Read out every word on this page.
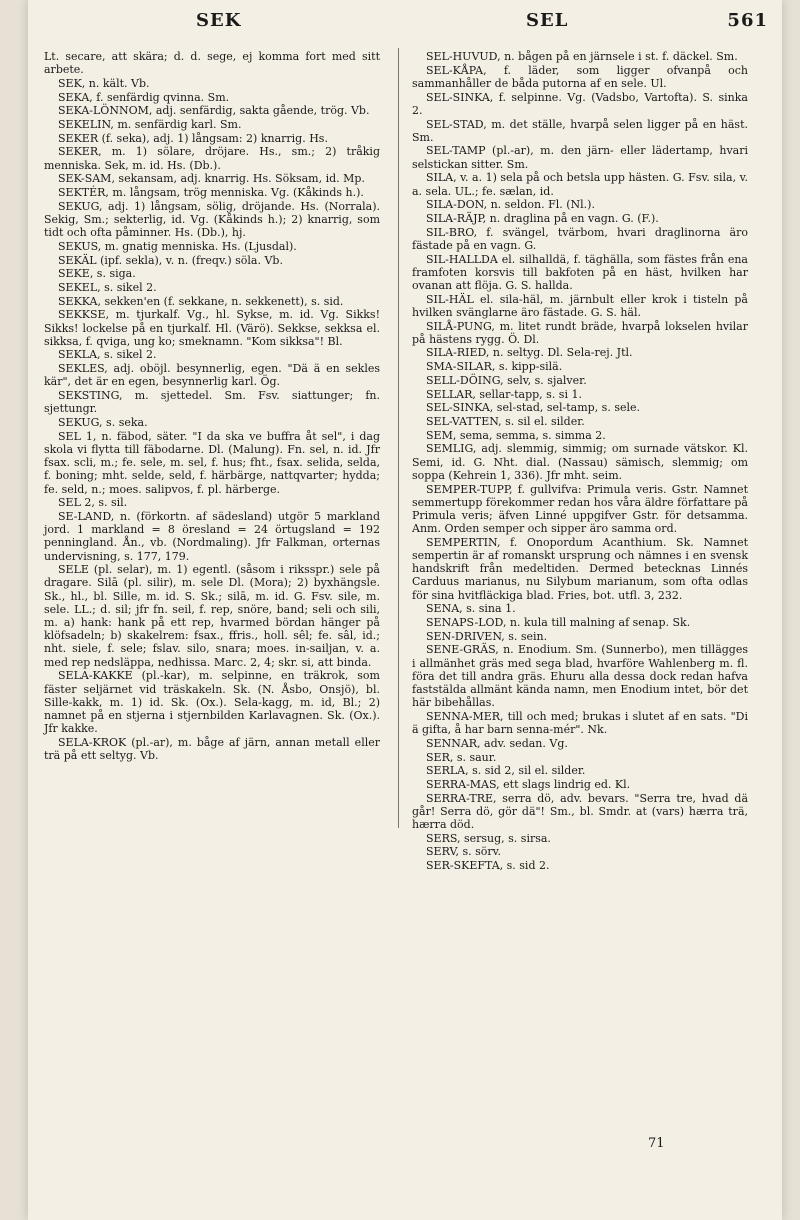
SEK	SEL	561

Lt. secare, att skära; d. d. sege, ej komma fort med sitt arbete.

SEK, n. kält. Vb.

SEKA, f. senfärdig qvinna. Sm.

SEKA-LÖNNOM, adj. senfärdig, sakta gående, trög. Vb.

SEKELIN, m. senfärdig karl. Sm.

SEKER (f. seka), adj. 1) långsam: 2) knarrig. Hs.

SEKER, m. 1) sölare, dröjare. Hs., sm.; 2) tråkig menniska. Sek, m. id. Hs. (Db.).

SEK-SAM, sekansam, adj. knarrig. Hs. Söksam, id. Mp.

SEKTÉR, m. långsam, trög menniska. Vg. (Kåkinds h.).

SEKUG, adj. 1) långsam, sölig, dröjande. Hs. (Norrala). Sekig, Sm.; sekterlig, id. Vg. (Kåkinds h.); 2) knarrig, som tidt och ofta påminner. Hs. (Db.), hj.

SEKUS, m. gnatig menniska. Hs. (Ljusdal).

SEKÄL (ipf. sekla), v. n. (freqv.) söla. Vb.

SEKE, s. siga.

SEKEL, s. sikel 2.

SEKKA, sekken'en (f. sekkane, n. sekkenett), s. sid.

SEKKSE, m. tjurkalf. Vg., hl. Sykse, m. id. Vg. Sikks! Sikks! lockelse på en tjurkalf. Hl. (Värö). Sekkse, sekksa el. sikksa, f. qviga, ung ko; smeknamn. "Kom sikksa"! Bl.

SEKLA, s. sikel 2.

SEKLES, adj. oböjl. besynnerlig, egen. "Dä ä en sekles kär", det är en egen, besynnerlig karl. Ög.

SEKSTING, m. sjettedel. Sm. Fsv. siattunger; fn. sjettungr.

SEKUG, s. seka.

SEL 1, n. fäbod, säter. "I da ska ve buffra åt sel", i dag skola vi flytta till fäbodarne. Dl. (Malung). Fn. sel, n. id. Jfr fsax. scli, m.; fe. sele, m. sel, f. hus; fht., fsax. selida, selda, f. boning; mht. selde, seld, f. härbärge, nattqvarter; hydda; fe. seld, n.; moes. salipvos, f. pl. härberge.

SEL 2, s. sil.

SE-LAND, n. (förkortn. af sädesland) utgör 5 markland jord. 1 markland = 8 öresland = 24 örtugsland = 192 penningland. Ån., vb. (Nordmaling). Jfr Falkman, orternas undervisning, s. 177, 179.

SELE (pl. selar), m. 1) egentl. (såsom i riksspr.) sele på dragare. Silā (pl. silir), m. sele Dl. (Mora); 2) byxhängsle. Sk., hl., bl. Sille, m. id. S. Sk.; silā, m. id. G. Fsv. sile, m. sele. LL.; d. sil; jfr fn. seil, f. rep, snöre, band; seli och sili, m. a) hank: hank på ett rep, hvarmed bördan hänger på klöfsadeln; b) skakelrem: fsax., ffris., holl. sêl; fe. sâl, id.; nht. siele, f. sele; fslav. silo, snara; moes. in-sailjan, v. a. med rep nedsläppa, nedhissa. Marc. 2, 4; skr. si, att binda.

SELA-KAKKE (pl.-kar), m. selpinne, en träkrok, som fäster seljärnet vid träskakeln. Sk. (N. Åsbo, Onsjö), bl. Sille-kakk, m. 1) id. Sk. (Ox.). Sela-kagg, m. id, Bl.; 2) namnet på en stjerna i stjernbilden Karlavagnen. Sk. (Ox.). Jfr kakke.

SELA-KROK (pl.-ar), m. båge af järn, annan metall eller trä på ett seltyg. Vb.

SEL-HUVUD, n. bågen på en järnsele i st. f. däckel. Sm.

SEL-KÅPA, f. läder, som ligger ofvanpå och sammanhåller de båda putorna af en sele. Ul.

SEL-SINKA, f. selpinne. Vg. (Vadsbo, Vartofta). S. sinka 2.

SEL-STAD, m. det ställe, hvarpå selen ligger på en häst. Sm.

SEL-TAMP (pl.-ar), m. den järn- eller lädertamp, hvari selstickan sitter. Sm.

SILA, v. a. 1) sela på och betsla upp hästen. G. Fsv. sila, v. a. sela. UL.; fe. sælan, id.

SILA-DON, n. seldon. Fl. (Nl.).

SILA-RÄJP, n. draglina på en vagn. G. (F.).

SIL-BRO, f. svängel, tvärbom, hvari draglinorna äro fästade på en vagn. G.

SIL-HALLDA el. silhalldä, f. täghälla, som fästes från ena framfoten korsvis till bakfoten på en häst, hvilken har ovanan att flöja. G. S. hallda.

SIL-HÄL el. sila-häl, m. järnbult eller krok i tisteln på hvilken svänglarne äro fästade. G. S. häl.

SILÅ-PUNG, m. litet rundt bräde, hvarpå lokselen hvilar på hästens rygg. Ö. Dl.

SILA-RIED, n. seltyg. Dl. Sela-rej. Jtl.

SMA-SILAR, s. kipp-silä.

SELL-DÖING, selv, s. sjalver.

SELLAR, sellar-tapp, s. si 1.

SEL-SINKA, sel-stad, sel-tamp, s. sele.

SEL-VATTEN, s. sil el. silder.

SEM, sema, semma, s. simma 2.

SEMLIG, adj. slemmig, simmig; om surnade vätskor. Kl. Semi, id. G. Nht. dial. (Nassau) sämisch, slemmig; om soppa (Kehrein 1, 336). Jfr mht. seim.

SEMPER-TUPP, f. gullvifva: Primula veris. Gstr. Namnet semmertupp förekommer redan hos våra äldre författare på Primula veris; äfven Linné uppgifver Gstr. för detsamma. Anm. Orden semper och sipper äro samma ord.

SEMPERTIN, f. Onopordum Acanthium. Sk. Namnet sempertin är af romanskt ursprung och nämnes i en svensk handskrift från medeltiden. Dermed betecknas Linnés Carduus marianus, nu Silybum marianum, som ofta odlas för sina hvitfläckiga blad. Fries, bot. utfl. 3, 232.

SENA, s. sina 1.

SENAPS-LOD, n. kula till malning af senap. Sk.

SEN-DRIVEN, s. sein.

SENE-GRÄS, n. Enodium. Sm. (Sunnerbo), men tillägges i allmänhet gräs med sega blad, hvarföre Wahlenberg m. fl. föra det till andra gräs. Ehuru alla dessa dock redan hafva faststälda allmänt kända namn, men Enodium intet, bör det här bibehållas.

SENNA-MER, till och med; brukas i slutet af en sats. "Di ä gifta, å har barn senna-mér". Nk.

SENNAR, adv. sedan. Vg.

SER, s. saur.

SERLA, s. sid 2, sil el. silder.

SERRA-MAS, ett slags lindrig ed. Kl.

SERRA-TRE, serra dö, adv. bevars. "Serra tre, hvad dä går! Serra dö, gör dä"! Sm., bl. Smdr. at (vars) hærra trä, hærra död.

SERS, sersug, s. sirsa.

SERV, s. sörv.

SER-SKEFTA, s. sid 2.

71
